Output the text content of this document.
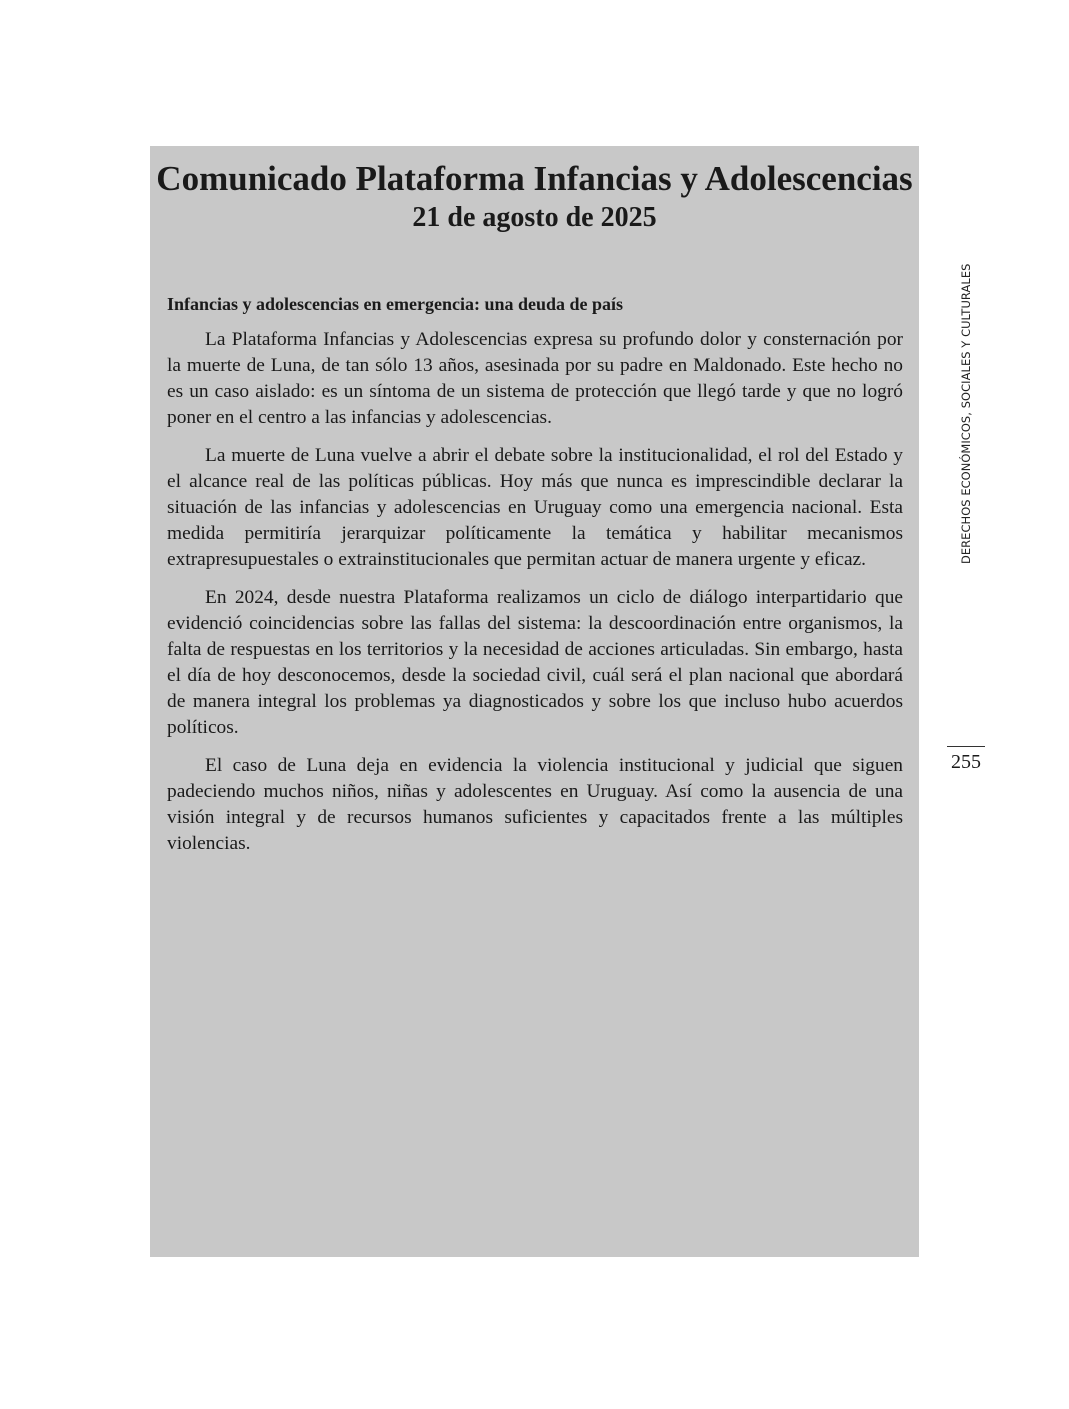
Comunicado Plataforma Infancias y Adolescencias
21 de agosto de 2025

Infancias y adolescencias en emergencia: una deuda de país

La Plataforma Infancias y Adolescencias expresa su profundo dolor y consternación por la muerte de Luna, de tan sólo 13 años, asesinada por su padre en Maldonado. Este hecho no es un caso aislado: es un síntoma de un sistema de protección que llegó tarde y que no logró poner en el centro a las infancias y adolescencias.

La muerte de Luna vuelve a abrir el debate sobre la institucionalidad, el rol del Estado y el alcance real de las políticas públicas. Hoy más que nunca es imprescindible declarar la situación de las infancias y adolescencias en Uruguay como una emergencia nacional. Esta medida permitiría jerarquizar políticamente la temática y habilitar mecanismos extrapresupuestales o extrainstitucionales que permitan actuar de manera urgente y eficaz.

En 2024, desde nuestra Plataforma realizamos un ciclo de diálogo interpartidario que evidenció coincidencias sobre las fallas del sistema: la descoordinación entre organismos, la falta de respuestas en los territorios y la necesidad de acciones articuladas. Sin embargo, hasta el día de hoy desconocemos, desde la sociedad civil, cuál será el plan nacional que abordará de manera integral los problemas ya diagnosticados y sobre los que incluso hubo acuerdos políticos.

El caso de Luna deja en evidencia la violencia institucional y judicial que siguen padeciendo muchos niños, niñas y adolescentes en Uruguay. Así como la ausencia de una visión integral y de recursos humanos suficientes y capacitados frente a las múltiples violencias.

DERECHOS ECONÓMICOS, SOCIALES Y CULTURALES
255
